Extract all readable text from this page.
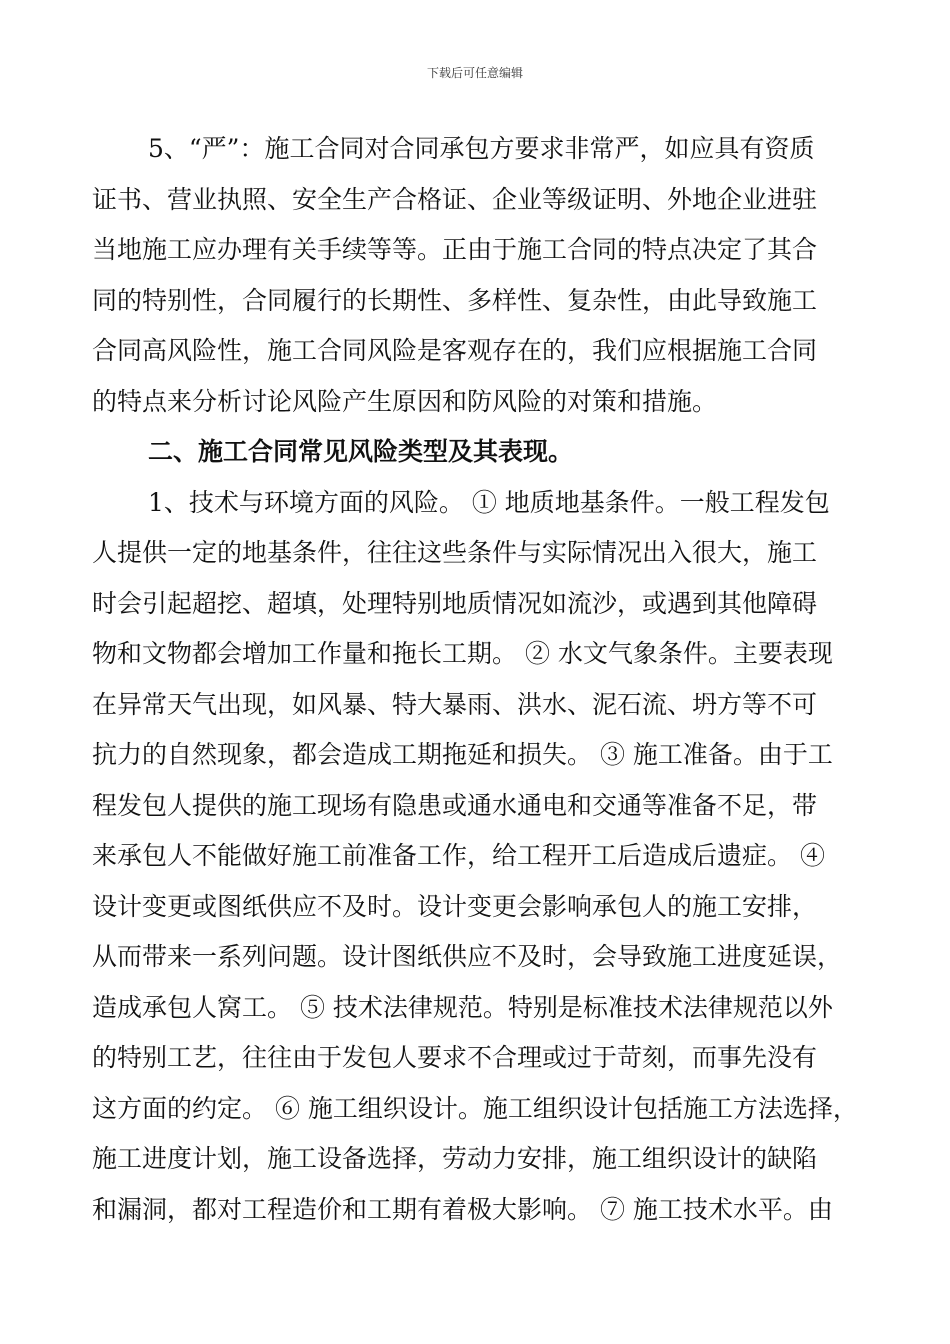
下载后可任意编辑
5、“严”：施工合同对合同承包方要求非常严，如应具有资质
证书、营业执照、安全生产合格证、企业等级证明、外地企业进驻
当地施工应办理有关手续等等。正由于施工合同的特点决定了其合
同的特别性，合同履行的长期性、多样性、复杂性，由此导致施工
合同高风险性，施工合同风险是客观存在的，我们应根据施工合同
的特点来分析讨论风险产生原因和防风险的对策和措施。
二、施工合同常见风险类型及其表现。
1、技术与环境方面的风险。 ① 地质地基条件。一般工程发包
人提供一定的地基条件，往往这些条件与实际情况出入很大，施工
时会引起超挖、超填，处理特别地质情况如流沙，或遇到其他障碍
物和文物都会增加工作量和拖长工期。 ② 水文气象条件。主要表现
在异常天气出现，如风暴、特大暴雨、洪水、泥石流、坍方等不可
抗力的自然现象，都会造成工期拖延和损失。 ③ 施工准备。由于工
程发包人提供的施工现场有隐患或通水通电和交通等准备不足，带
来承包人不能做好施工前准备工作，给工程开工后造成后遗症。 ④
设计变更或图纸供应不及时。设计变更会影响承包人的施工安排，
从而带来一系列问题。设计图纸供应不及时，会导致施工进度延误，
造成承包人窝工。 ⑤ 技术法律规范。特别是标准技术法律规范以外
的特别工艺，往往由于发包人要求不合理或过于苛刻，而事先没有
这方面的约定。 ⑥ 施工组织设计。施工组织设计包括施工方法选择，
施工进度计划，施工设备选择，劳动力安排，施工组织设计的缺陷
和漏洞，都对工程造价和工期有着极大影响。 ⑦ 施工技术水平。由
